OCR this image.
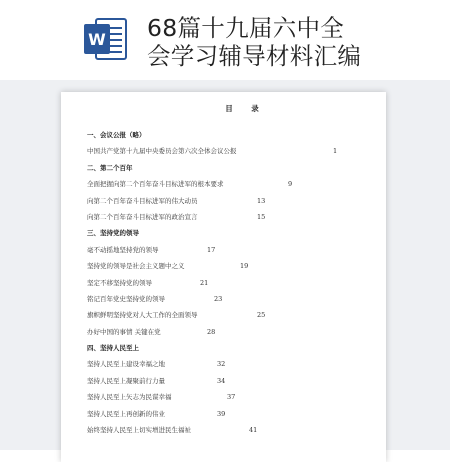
W 68篇十九届六中全
会学习辅导材料汇编
目 录
一、会议公报（略）
中国共产党第十九届中央委员会第六次全体会议公报	1
二、第二个百年
全面把握向第二个百年奋斗目标进军的根本要求	9
向第二个百年奋斗目标进军的伟大动员	13
向第二个百年奋斗目标进军的政治宣言	15
三、坚持党的领导
毫不动摇地坚持党的领导	17
坚持党的领导是社会主义题中之义	19
坚定不移坚持党的领导	21
铭记百年党史坚持党的领导	23
旗帜鲜明坚持党对人大工作的全面领导	25
办好中国的事情 关键在党	28
四、坚持人民至上
坚持人民至上建设幸福之地	32
坚持人民至上凝聚前行力量	34
坚持人民至上矢志为民谋幸福	37
坚持人民至上再创新的伟业	39
始终坚持人民至上切实增进民生福祉	41
